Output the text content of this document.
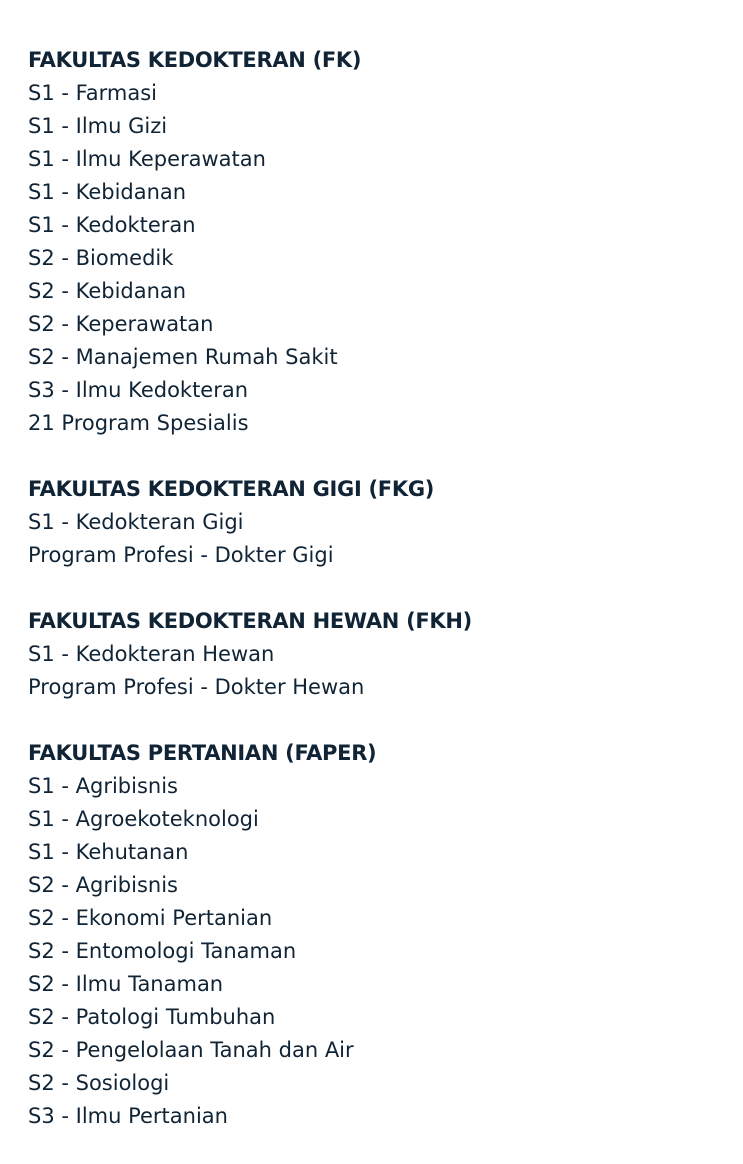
FAKULTAS KEDOKTERAN (FK)
S1 - Farmasi
S1 - Ilmu Gizi
S1 - Ilmu Keperawatan
S1 - Kebidanan
S1 - Kedokteran
S2 - Biomedik
S2 - Kebidanan
S2 - Keperawatan
S2 - Manajemen Rumah Sakit
S3 - Ilmu Kedokteran
21 Program Spesialis
FAKULTAS KEDOKTERAN GIGI (FKG)
S1 - Kedokteran Gigi
Program Profesi - Dokter Gigi
FAKULTAS KEDOKTERAN HEWAN (FKH)
S1 - Kedokteran Hewan
Program Profesi - Dokter Hewan
FAKULTAS PERTANIAN (FAPER)
S1 - Agribisnis
S1 - Agroekoteknologi
S1 - Kehutanan
S2 - Agribisnis
S2 - Ekonomi Pertanian
S2 - Entomologi Tanaman
S2 - Ilmu Tanaman
S2 - Patologi Tumbuhan
S2 - Pengelolaan Tanah dan Air
S2 - Sosiologi
S3 - Ilmu Pertanian
